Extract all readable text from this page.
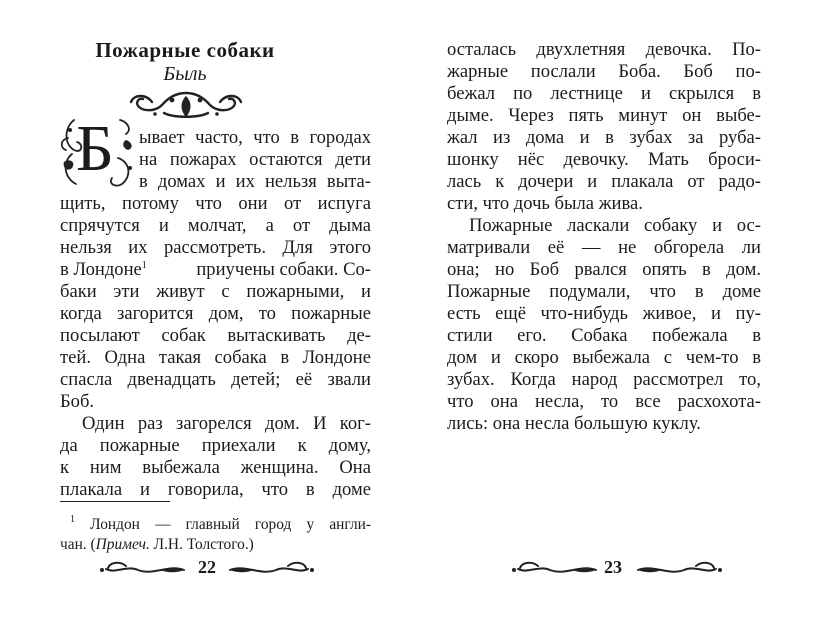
Пожарные собаки
Быль
Б ывает часто, что в городах
на пожарах остаются дети
в домах и их нельзя выта-
щить, потому что они от испуга
спрячутся и молчат, а от дыма
нельзя их рассмотреть. Для этого
в Лондоне$^1$	приучены собаки. Со-
баки эти живут с пожарными, и
когда загорится дом, то пожарные
посылают собак вытаскивать де-
тей. Одна такая собака в Лондоне
спасла двенадцать детей; её звали
Боб.
Один раз загорелся дом. И ког-
да пожарные приехали к дому,
к ним выбежала женщина. Она
плакала и говорила, что в доме
$^1$ Лондон — главный город у англи-
чан. (Примеч. Л.Н. Толстого.)
22
осталась двухлетняя девочка. По-
жарные послали Боба. Боб по-
бежал по лестнице и скрылся в
дыме. Через пять минут он выбе-
жал из дома и в зубах за руба-
шонку нёс девочку. Мать броси-
лась к дочери и плакала от радо-
сти, что дочь была жива.
Пожарные ласкали собаку и ос-
матривали её — не обгорела ли
она; но Боб рвался опять в дом.
Пожарные подумали, что в доме
есть ещё что-нибудь живое, и пу-
стили его. Собака побежала в
дом и скоро выбежала с чем-то в
зубах. Когда народ рассмотрел то,
что она несла, то все расхохота-
лись: она несла большую куклу.
23
